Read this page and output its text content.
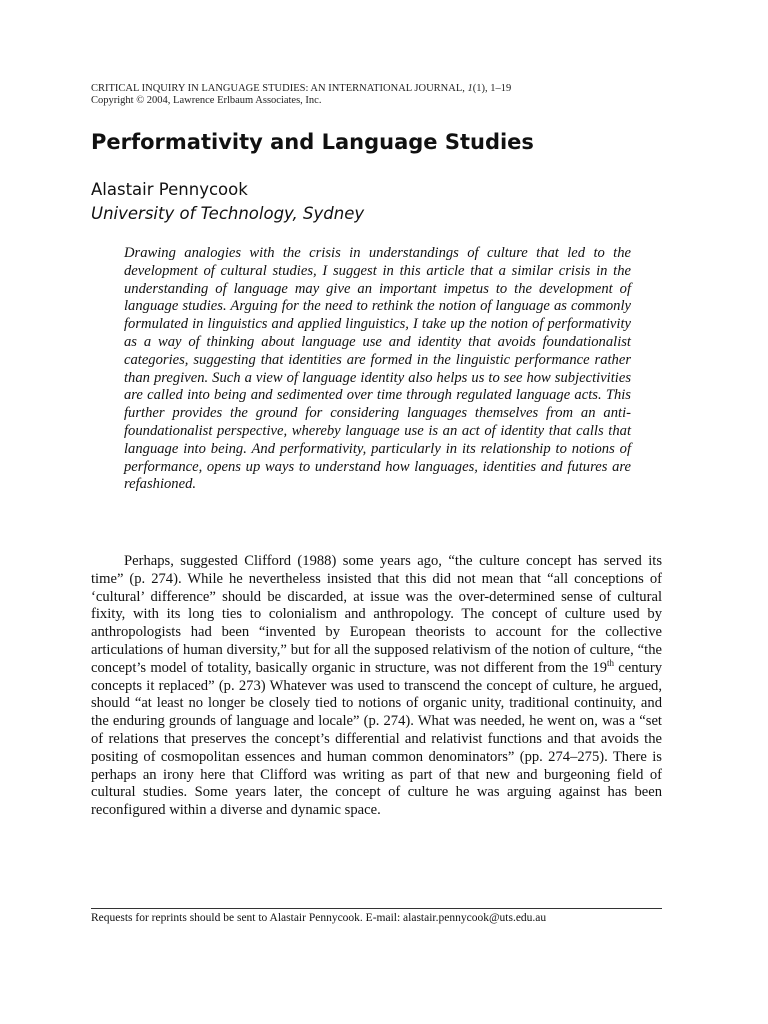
CRITICAL INQUIRY IN LANGUAGE STUDIES: AN INTERNATIONAL JOURNAL, 1(1), 1–19
Copyright © 2004, Lawrence Erlbaum Associates, Inc.
Performativity and Language Studies
Alastair Pennycook
University of Technology, Sydney

Drawing analogies with the crisis in understandings of culture that led to the development of cultural studies, I suggest in this article that a similar crisis in the understanding of language may give an important impetus to the development of language studies. Arguing for the need to rethink the notion of language as commonly formulated in linguistics and applied linguistics, I take up the notion of performativity as a way of thinking about language use and identity that avoids foundationalist categories, suggesting that identities are formed in the linguistic performance rather than pregiven. Such a view of language identity also helps us to see how subjectivities are called into being and sedimented over time through regulated language acts. This further provides the ground for considering languages themselves from an anti-foundationalist perspective, whereby language use is an act of identity that calls that language into being. And performativity, particularly in its relationship to notions of performance, opens up ways to understand how languages, identities and futures are refashioned.

Perhaps, suggested Clifford (1988) some years ago, “the culture concept has served its time” (p. 274). While he nevertheless insisted that this did not mean that “all conceptions of ‘cultural’ difference” should be discarded, at issue was the over-determined sense of cultural fixity, with its long ties to colonialism and anthropology. The concept of culture used by anthropologists had been “invented by European theorists to account for the collective articulations of human diversity,” but for all the supposed relativism of the notion of culture, “the concept’s model of totality, basically organic in structure, was not different from the 19th century concepts it replaced” (p. 273) Whatever was used to transcend the concept of culture, he argued, should “at least no longer be closely tied to notions of organic unity, traditional continuity, and the enduring grounds of language and locale” (p. 274). What was needed, he went on, was a “set of relations that preserves the concept’s differential and relativist functions and that avoids the positing of cosmopolitan essences and human common denominators” (pp. 274–275). There is perhaps an irony here that Clifford was writing as part of that new and burgeoning field of cultural studies. Some years later, the concept of culture he was arguing against has been reconfigured within a diverse and dynamic space.

Requests for reprints should be sent to Alastair Pennycook. E-mail: alastair.pennycook@uts.edu.au
